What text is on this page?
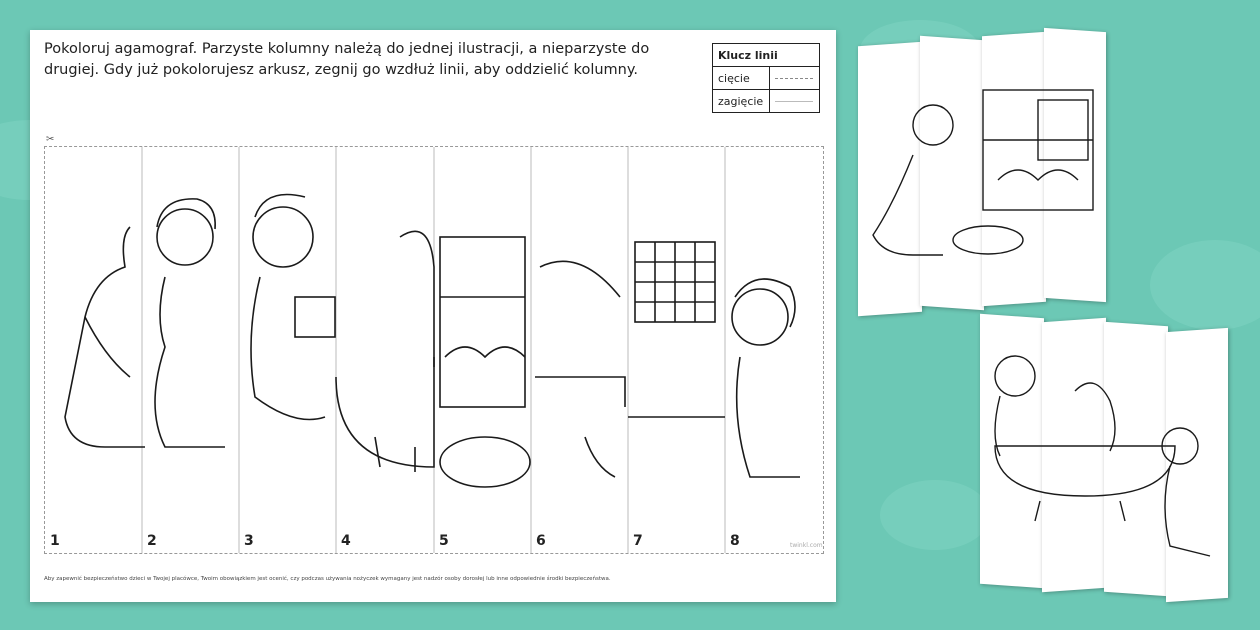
Pokoloruj agamograf. Parzyste kolumny należą do jednej ilustracji, a nieparzyste do
drugiej. Gdy już pokolorujesz arkusz, zegnij go wzdłuż linii, aby oddzielić kolumny.
Klucz linii	
cięcie	
zagięcie	
✂
1	2	3	4	5	6	7	8	twinkl.com
Aby zapewnić bezpieczeństwo dzieci w Twojej placówce, Twoim obowiązkiem jest ocenić, czy podczas używania nożyczek wymagany jest nadzór osoby dorosłej lub inne odpowiednie środki bezpieczeństwa.
